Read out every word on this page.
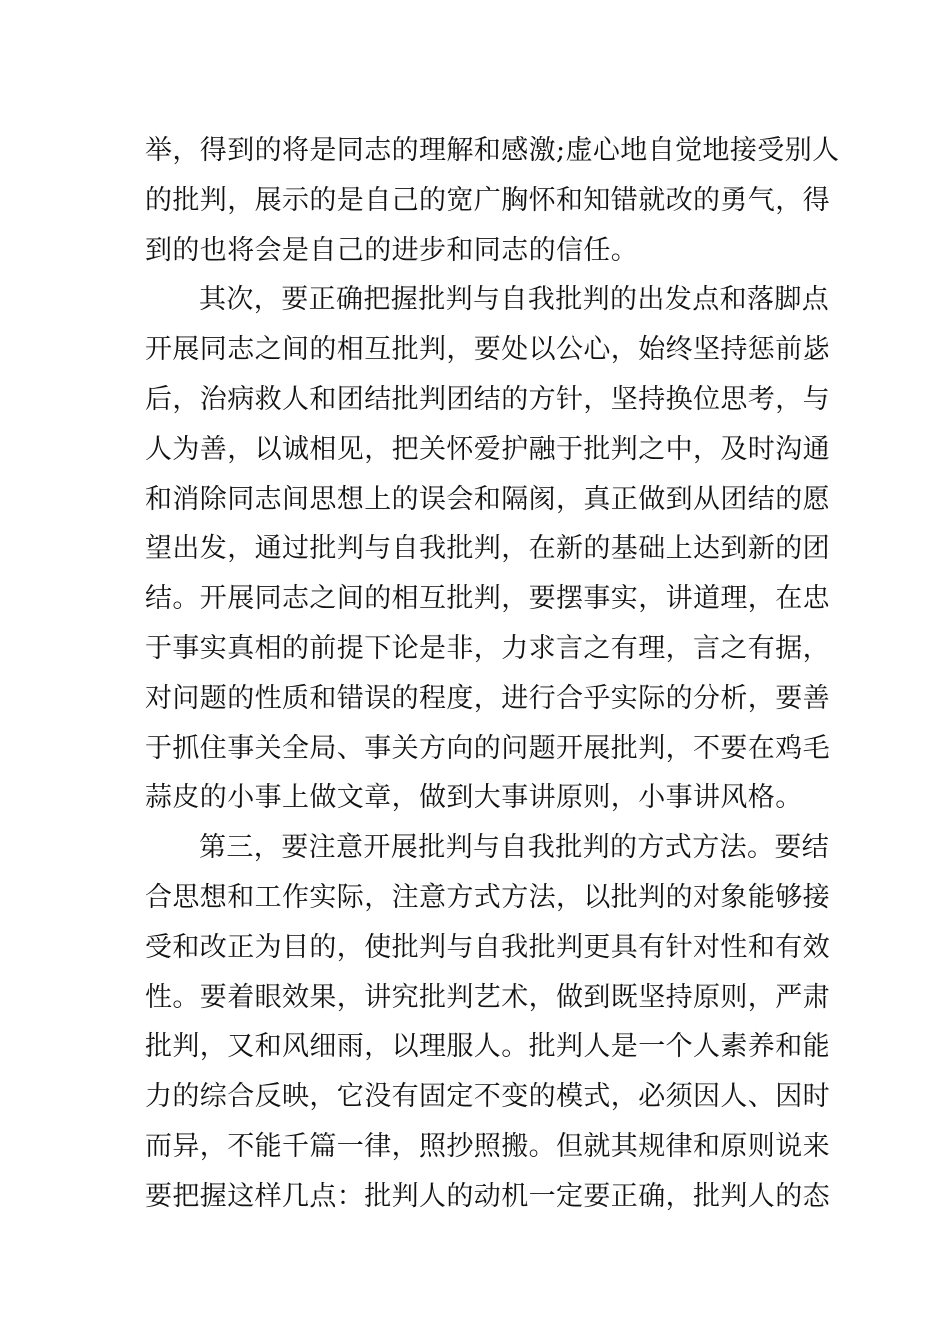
举，得到的将是同志的理解和感激;虚心地自觉地接受别人
的批判，展示的是自己的宽广胸怀和知错就改的勇气，得
到的也将会是自己的进步和同志的信任。
其次，要正确把握批判与自我批判的出发点和落脚点
开展同志之间的相互批判，要处以公心，始终坚持惩前毖
后，治病救人和团结批判团结的方针，坚持换位思考，与
人为善，以诚相见，把关怀爱护融于批判之中，及时沟通
和消除同志间思想上的误会和隔阂，真正做到从团结的愿
望出发，通过批判与自我批判，在新的基础上达到新的团
结。开展同志之间的相互批判，要摆事实，讲道理，在忠
于事实真相的前提下论是非，力求言之有理，言之有据，
对问题的性质和错误的程度，进行合乎实际的分析，要善
于抓住事关全局、事关方向的问题开展批判，不要在鸡毛
蒜皮的小事上做文章，做到大事讲原则，小事讲风格。
第三，要注意开展批判与自我批判的方式方法。要结
合思想和工作实际，注意方式方法，以批判的对象能够接
受和改正为目的，使批判与自我批判更具有针对性和有效
性。要着眼效果，讲究批判艺术，做到既坚持原则，严肃
批判，又和风细雨，以理服人。批判人是一个人素养和能
力的综合反映，它没有固定不变的模式，必须因人、因时
而异，不能千篇一律，照抄照搬。但就其规律和原则说来
要把握这样几点：批判人的动机一定要正确，批判人的态
